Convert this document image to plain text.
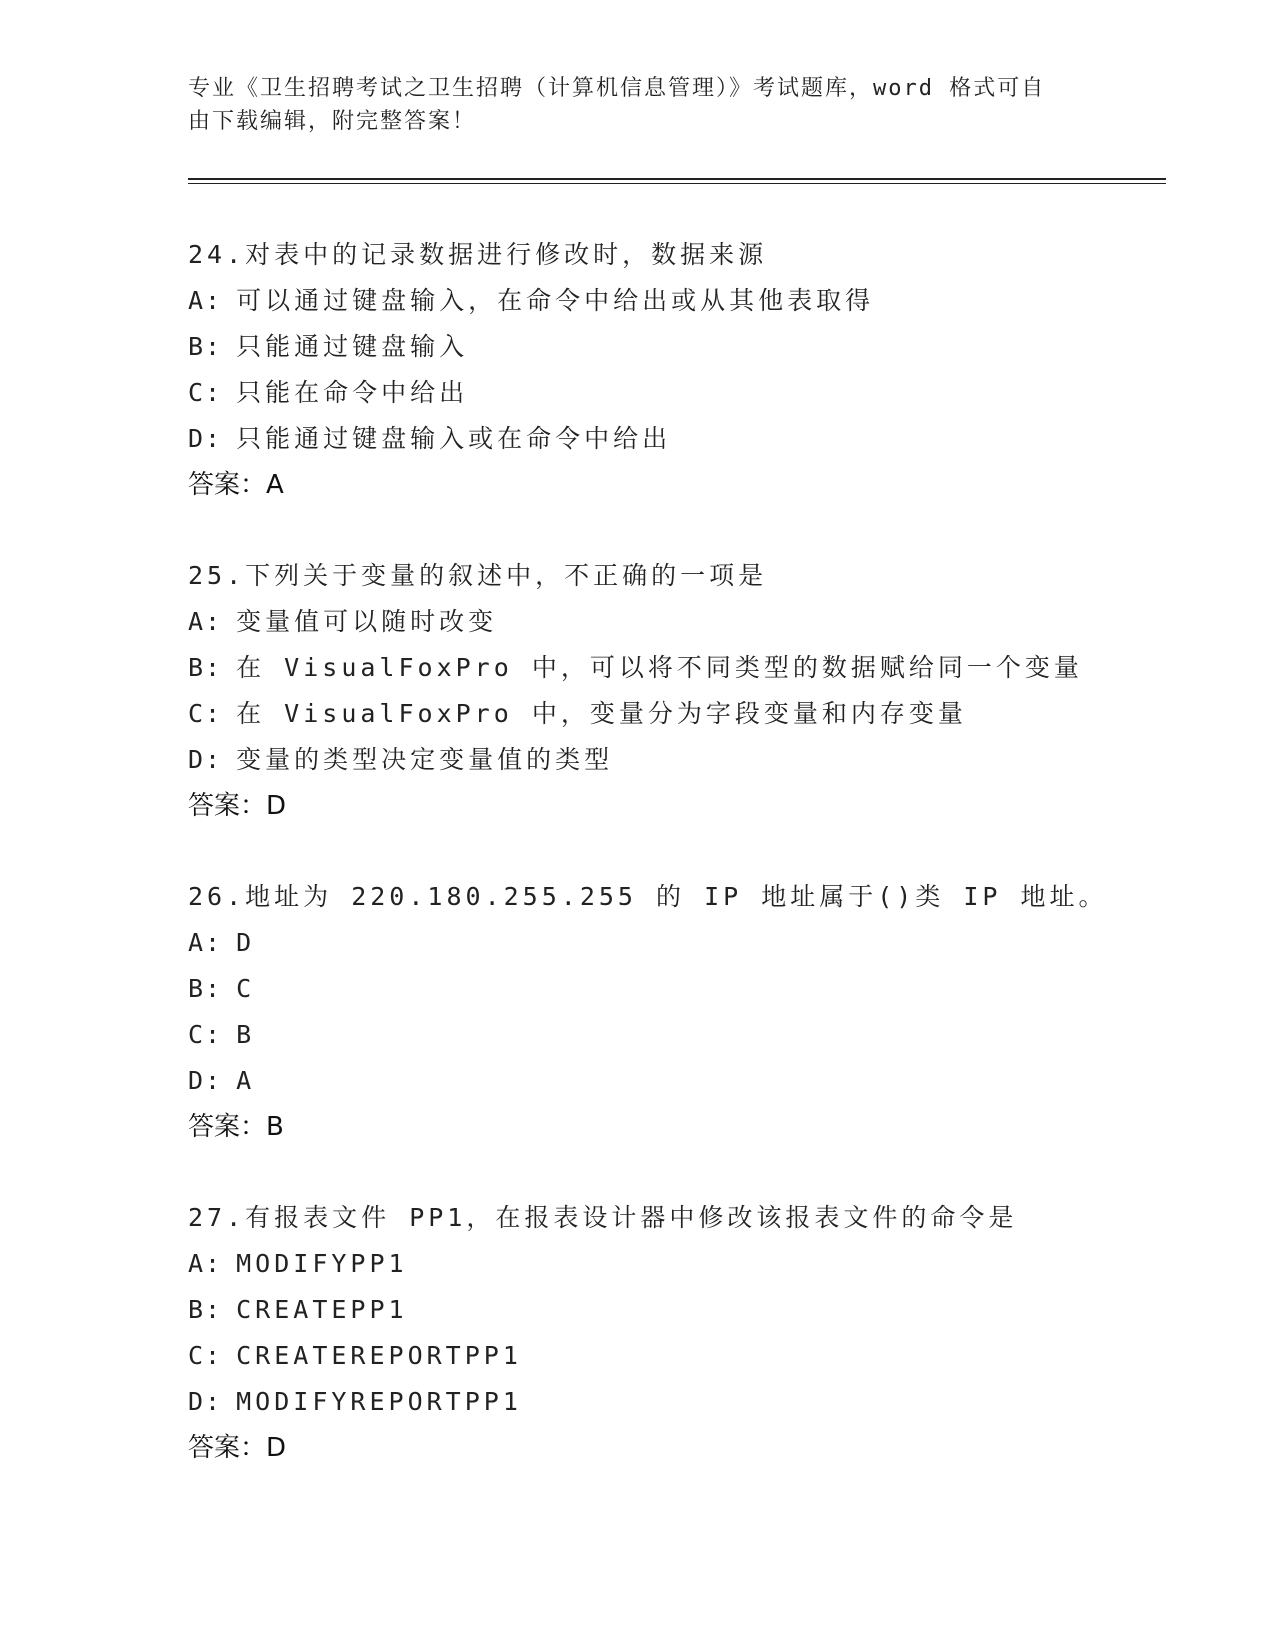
专业《卫生招聘考试之卫生招聘（计算机信息管理）》考试题库，word 格式可自
由下载编辑，附完整答案！
24.对表中的记录数据进行修改时，数据来源
A: 可以通过键盘输入，在命令中给出或从其他表取得
B: 只能通过键盘输入
C: 只能在命令中给出
D: 只能通过键盘输入或在命令中给出
答案：A
25.下列关于变量的叙述中，不正确的一项是
A: 变量值可以随时改变
B: 在 VisualFoxPro 中，可以将不同类型的数据赋给同一个变量
C: 在 VisualFoxPro 中，变量分为字段变量和内存变量
D: 变量的类型决定变量值的类型
答案：D
26.地址为 220.180.255.255 的 IP 地址属于()类 IP 地址。
A: D
B: C
C: B
D: A
答案：B
27.有报表文件 PP1，在报表设计器中修改该报表文件的命令是
A: MODIFYPP1
B: CREATEPP1
C: CREATEREPORTPP1
D: MODIFYREPORTPP1
答案：D
